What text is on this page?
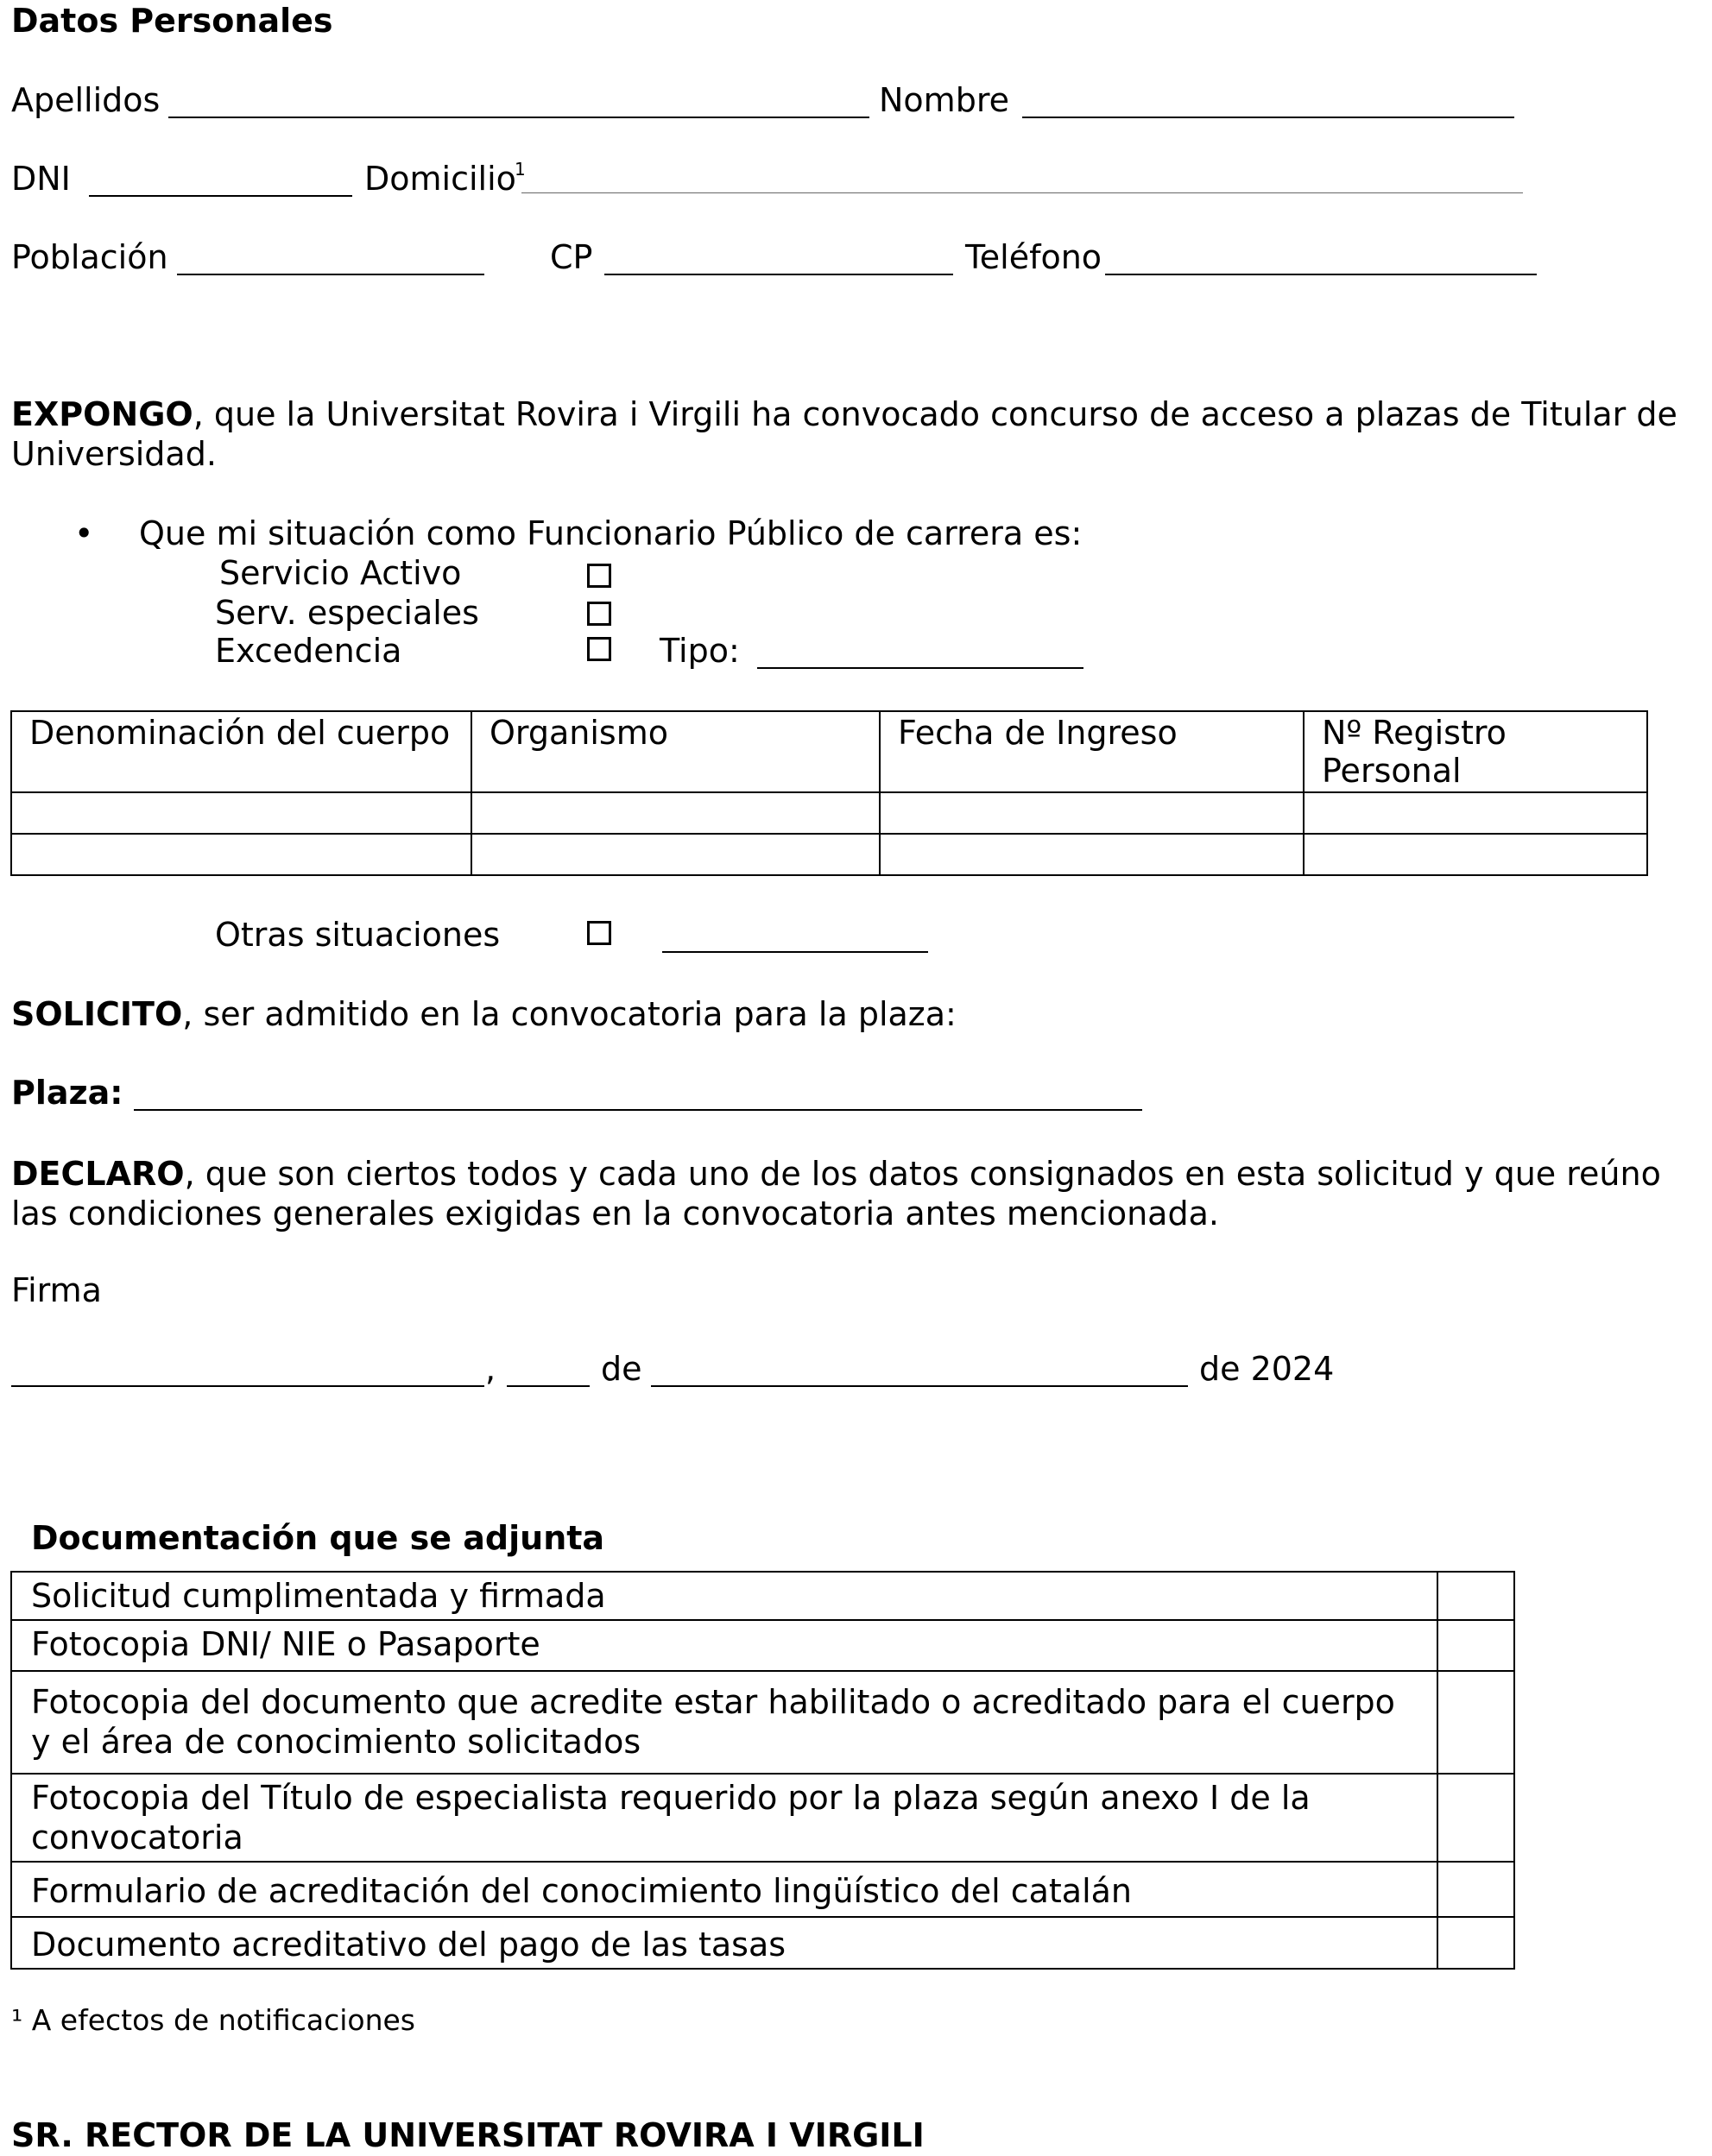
Datos Personales
Apellidos	Nombre
DNI	Domicilio
1
Población	CP	Teléfono
EXPONGO, que la Universitat Rovira i Virgili ha convocado concurso de acceso a plazas de Titular de Universidad.
• Que mi situación como Funcionario Público de carrera es:
Servicio Activo
Serv. especiales
Excedencia	Tipo:
Denominación del cuerpo	Organismo	Fecha de Ingreso	Nº Registro Personal

Otras situaciones
SOLICITO, ser admitido en la convocatoria para la plaza:
Plaza:
DECLARO, que son ciertos todos y cada uno de los datos consignados en esta solicitud y que reúno las condiciones generales exigidas en la convocatoria antes mencionada.
Firma
,	de	de 2024
Documentación que se adjunta
Solicitud cumplimentada y firmada	
Fotocopia DNI/ NIE o Pasaporte	
Fotocopia del documento que acredite estar habilitado o acreditado para el cuerpo y el área de conocimiento solicitados	
Fotocopia del Título de especialista requerido por la plaza según anexo I de la convocatoria	
Formulario de acreditación del conocimiento lingüístico del catalán	
Documento acreditativo del pago de las tasas	
¹ A efectos de notificaciones
SR. RECTOR DE LA UNIVERSITAT ROVIRA I VIRGILI
